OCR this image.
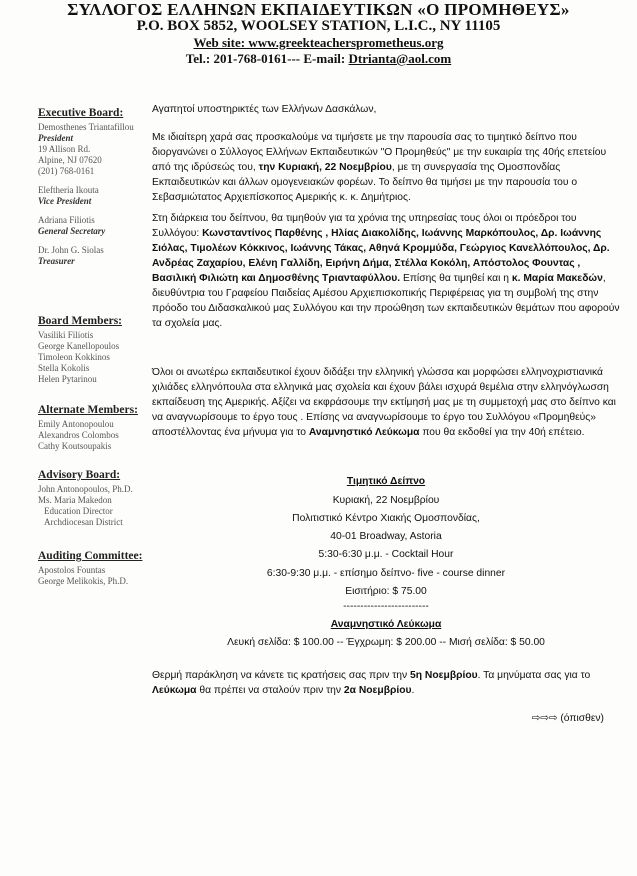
ΣΥΛΛΟΓΟΣ ΕΛΛΗΝΩΝ ΕΚΠΑΙΔΕΥΤΙΚΩΝ «Ο ΠΡΟΜΗΘΕΥΣ»
P.O. BOX 5852, WOOLSEY STATION, L.I.C., NY 11105
Web site: www.greekteachersprometheus.org
Tel.: 201-768-0161--- E-mail: Dtrianta@aol.com
Executive Board:
Demosthenes Triantafillou
President
19 Allison Rd.
Alpine, NJ 07620
(201) 768-0161
Eleftheria Ikouta
Vice President
Adriana Filiotis
General Secretary
Dr. John G. Siolas
Treasurer
Board Members:
Vasiliki Filiotis
George Kanellopoulos
Timoleon Kokkinos
Stella Kokolis
Helen Pytarinou
Alternate Members:
Emily Antonopoulou
Alexandros Colombos
Cathy Koutsoupakis
Advisory Board:
John Antonopoulos, Ph.D.
Ms. Maria Makedon
Education Director
Archdiocesan District
Auditing Committee:
Apostolos Fountas
George Melikokis, Ph.D.
Αγαπητοί υποστηρικτές των Ελλήνων Δασκάλων,

Με ιδιαίτερη χαρά σας προσκαλούμε να τιμήσετε με την παρουσία σας το τιμητικό δείπνο που διοργανώνει ο Σύλλογος Ελλήνων Εκπαιδευτικών "Ο Προμηθεύς" με την ευκαιρία της 40ής επετείου από της ιδρύσεώς του, την Κυριακή, 22 Νοεμβρίου, με τη συνεργασία της Ομοσπονδίας Εκπαιδευτικών και άλλων ομογενειακών φορέων. Το δείπνο θα τιμήσει με την παρουσία του ο Σεβασμιώτατος Αρχιεπίσκοπος Αμερικής κ. κ. Δημήτριος.

Στη διάρκεια του δείπνου, θα τιμηθούν για τα χρόνια της υπηρεσίας τους όλοι οι πρόεδροι του Συλλόγου: Κωνσταντίνος Παρθένης , Ηλίας Διακολίδης, Ιωάννης Μαρκόπουλος, Δρ. Ιωάννης Σιόλας, Τιμολέων Κόκκινος, Ιωάννης Τάκας, Αθηνά Κρομμύδα, Γεώργιος Κανελλόπουλος, Δρ. Ανδρέας Ζαχαρίου, Ελένη Γαλλίδη, Ειρήνη Δήμα, Στέλλα Κοκόλη, Απόστολος Φουντας , Βασιλική Φιλιώτη και Δημοσθένης Τριανταφύλλου. Επίσης θα τιμηθεί και η κ. Μαρία Μακεδών, διευθύντρια του Γραφείου Παιδείας Αμέσου Αρχιεπισκοπικής Περιφέρειας για τη συμβολή της στην πρόοδο του Διδασκαλικού μας Συλλόγου και την προώθηση των εκπαιδευτικών θεμάτων που αφορούν τα σχολεία μας.

Όλοι οι ανωτέρω εκπαιδευτικοί έχουν διδάξει την ελληνική γλώσσα και μορφώσει ελληνοχριστιανικά χιλιάδες ελληνόπουλα στα ελληνικά μας σχολεία και έχουν βάλει ισχυρά θεμέλια στην ελληνόγλωσση εκπαίδευση της Αμερικής. Αξίζει να εκφράσουμε την εκτίμησή μας με τη συμμετοχή μας στο δείπνο και να αναγνωρίσουμε το έργο τους . Επίσης να αναγνωρίσουμε το έργο του Συλλόγου «Προμηθεύς» αποστέλλοντας ένα μήνυμα για το Αναμνηστικό Λεύκωμα που θα εκδοθεί για την 40ή επέτειο.

Τιμητικό Δείπνο
Κυριακή, 22 Νοεμβρίου
Πολιτιστικό Κέντρο Χιακής Ομοσπονδίας,
40-01 Broadway, Astoria
5:30-6:30 μ.μ. - Cocktail Hour
6:30-9:30 μ.μ. - επίσημο δείπνο- five - course dinner
Εισιτήριο: $ 75.00
-------------------------
Αναμνηστικό Λεύκωμα
Λευκή σελίδα: $ 100.00 -- Έγχρωμη: $ 200.00 -- Μισή σελίδα: $ 50.00

Θερμή παράκληση να κάνετε τις κρατήσεις σας πριν την 5η Νοεμβρίου. Τα μηνύματα σας για το Λεύκωμα θα πρέπει να σταλούν πριν την 2α Νοεμβρίου.

⇨⇨⇨ (όπισθεν)
